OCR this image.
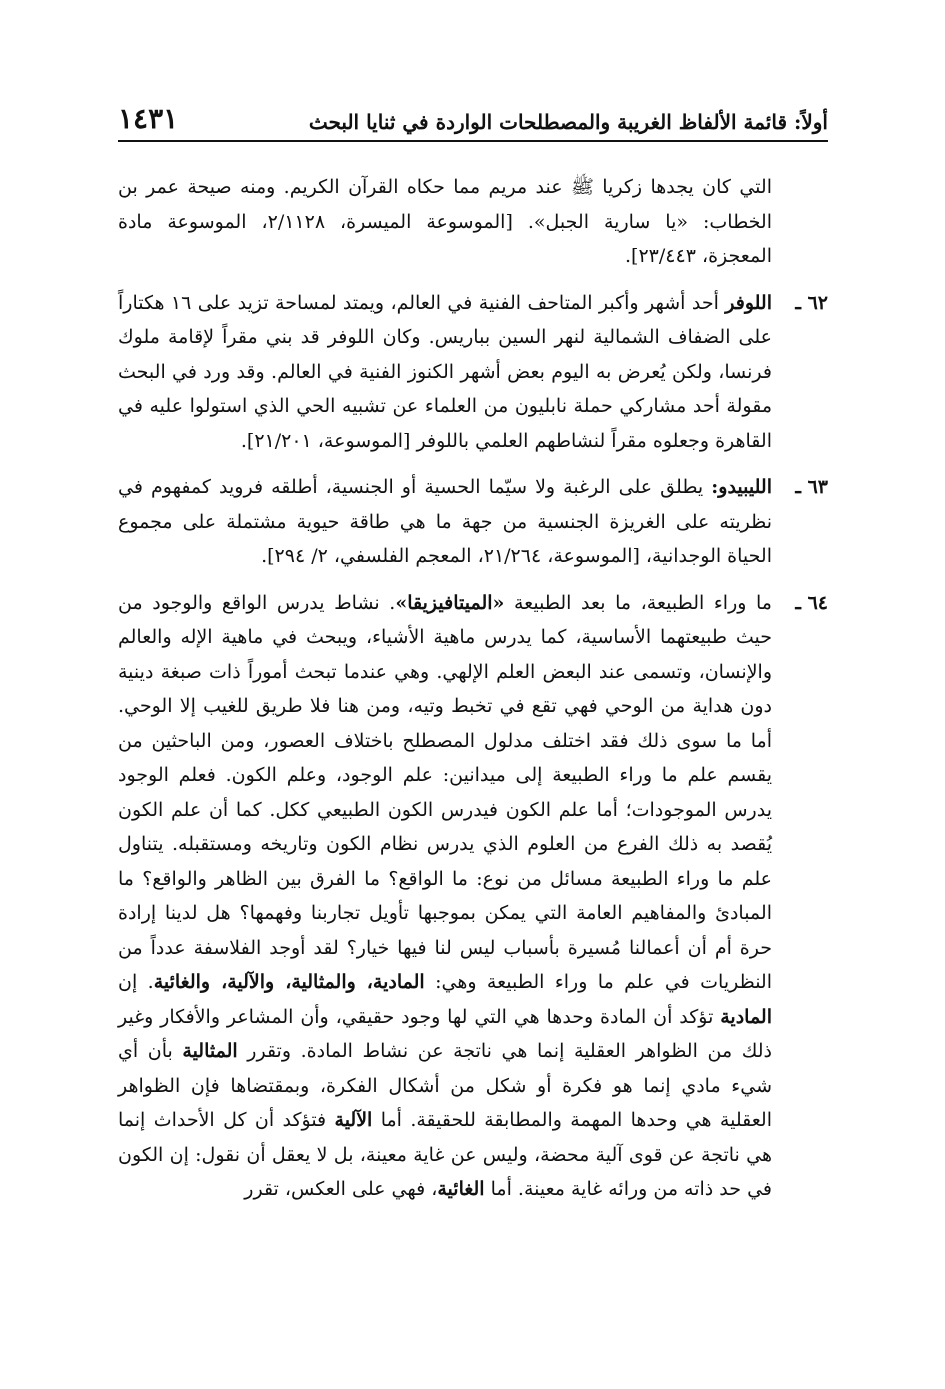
أولاً: قائمة الألفاظ الغريبة والمصطلحات الواردة في ثنايا البحث
١٤٣١

التي كان يجدها زكريا ﷺ عند مريم مما حكاه القرآن الكريم. ومنه صيحة عمر بن الخطاب: «يا سارية الجبل». [الموسوعة الميسرة، ٢/١١٢٨، الموسوعة مادة المعجزة، ٢٣/٤٤٣].

٦٢ ـ

اللوفر أحد أشهر وأكبر المتاحف الفنية في العالم، ويمتد لمساحة تزيد على ١٦ هكتاراً على الضفاف الشمالية لنهر السين بباريس. وكان اللوفر قد بني مقراً لإقامة ملوك فرنسا، ولكن يُعرض به اليوم بعض أشهر الكنوز الفنية في العالم. وقد ورد في البحث مقولة أحد مشاركي حملة نابليون من العلماء عن تشبيه الحي الذي استولوا عليه في القاهرة وجعلوه مقراً لنشاطهم العلمي باللوفر [الموسوعة، ٢١/٢٠١].

٦٣ ـ

الليبيدو: يطلق على الرغبة ولا سيّما الحسية أو الجنسية، أطلقه فرويد كمفهوم في نظريته على الغريزة الجنسية من جهة ما هي طاقة حيوية مشتملة على مجموع الحياة الوجدانية، [الموسوعة، ٢١/٢٦٤، المعجم الفلسفي، ٢/ ٢٩٤].

٦٤ ـ

ما وراء الطبيعة، ما بعد الطبيعة «الميتافيزيقا». نشاط يدرس الواقع والوجود من حيث طبيعتهما الأساسية، كما يدرس ماهية الأشياء، ويبحث في ماهية الإله والعالم والإنسان، وتسمى عند البعض العلم الإلهي. وهي عندما تبحث أموراً ذات صبغة دينية دون هداية من الوحي فهي تقع في تخبط وتيه، ومن هنا فلا طريق للغيب إلا الوحي. أما ما سوى ذلك فقد اختلف مدلول المصطلح باختلاف العصور، ومن الباحثين من يقسم علم ما وراء الطبيعة إلى ميدانين: علم الوجود، وعلم الكون. فعلم الوجود يدرس الموجودات؛ أما علم الكون فيدرس الكون الطبيعي ككل. كما أن علم الكون يُقصد به ذلك الفرع من العلوم الذي يدرس نظام الكون وتاريخه ومستقبله. يتناول علم ما وراء الطبيعة مسائل من نوع: ما الواقع؟ ما الفرق بين الظاهر والواقع؟ ما المبادئ والمفاهيم العامة التي يمكن بموجبها تأويل تجاربنا وفهمها؟ هل لدينا إرادة حرة أم أن أعمالنا مُسيرة بأسباب ليس لنا فيها خيار؟ لقد أوجد الفلاسفة عدداً من النظريات في علم ما وراء الطبيعة وهي: المادية، والمثالية، والآلية، والغائية. إن المادية تؤكد أن المادة وحدها هي التي لها وجود حقيقي، وأن المشاعر والأفكار وغير ذلك من الظواهر العقلية إنما هي ناتجة عن نشاط المادة. وتقرر المثالية بأن أي شيء مادي إنما هو فكرة أو شكل من أشكال الفكرة، وبمقتضاها فإن الظواهر العقلية هي وحدها المهمة والمطابقة للحقيقة. أما الآلية فتؤكد أن كل الأحداث إنما هي ناتجة عن قوى آلية محضة، وليس عن غاية معينة، بل لا يعقل أن نقول: إن الكون في حد ذاته من ورائه غاية معينة. أما الغائية، فهي على العكس، تقرر
